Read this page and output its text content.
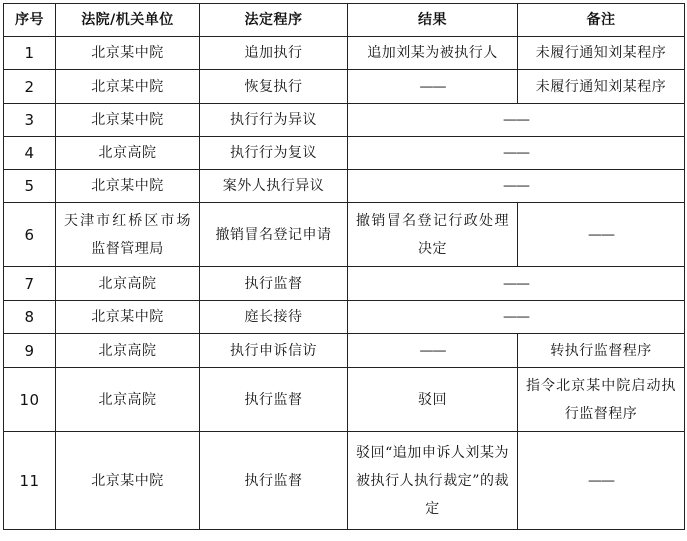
序号	法院/机关单位	法定程序	结果	备注
1	北京某中院	追加执行	追加刘某为被执行人	未履行通知刘某程序
2	北京某中院	恢复执行	——	未履行通知刘某程序
3	北京某中院	执行行为异议	——	
4	北京高院	执行行为复议	——	
5	北京某中院	案外人执行异议	——	
6	天津市红桥区市场监督管理局	撤销冒名登记申请	撤销冒名登记行政处理决定	——
7	北京高院	执行监督	——	
8	北京某中院	庭长接待	——	
9	北京高院	执行申诉信访	——	转执行监督程序
10	北京高院	执行监督	驳回	指令北京某中院启动执行监督程序
11	北京某中院	执行监督	驳回“追加申诉人刘某为被执行人执行裁定”的裁定	——
